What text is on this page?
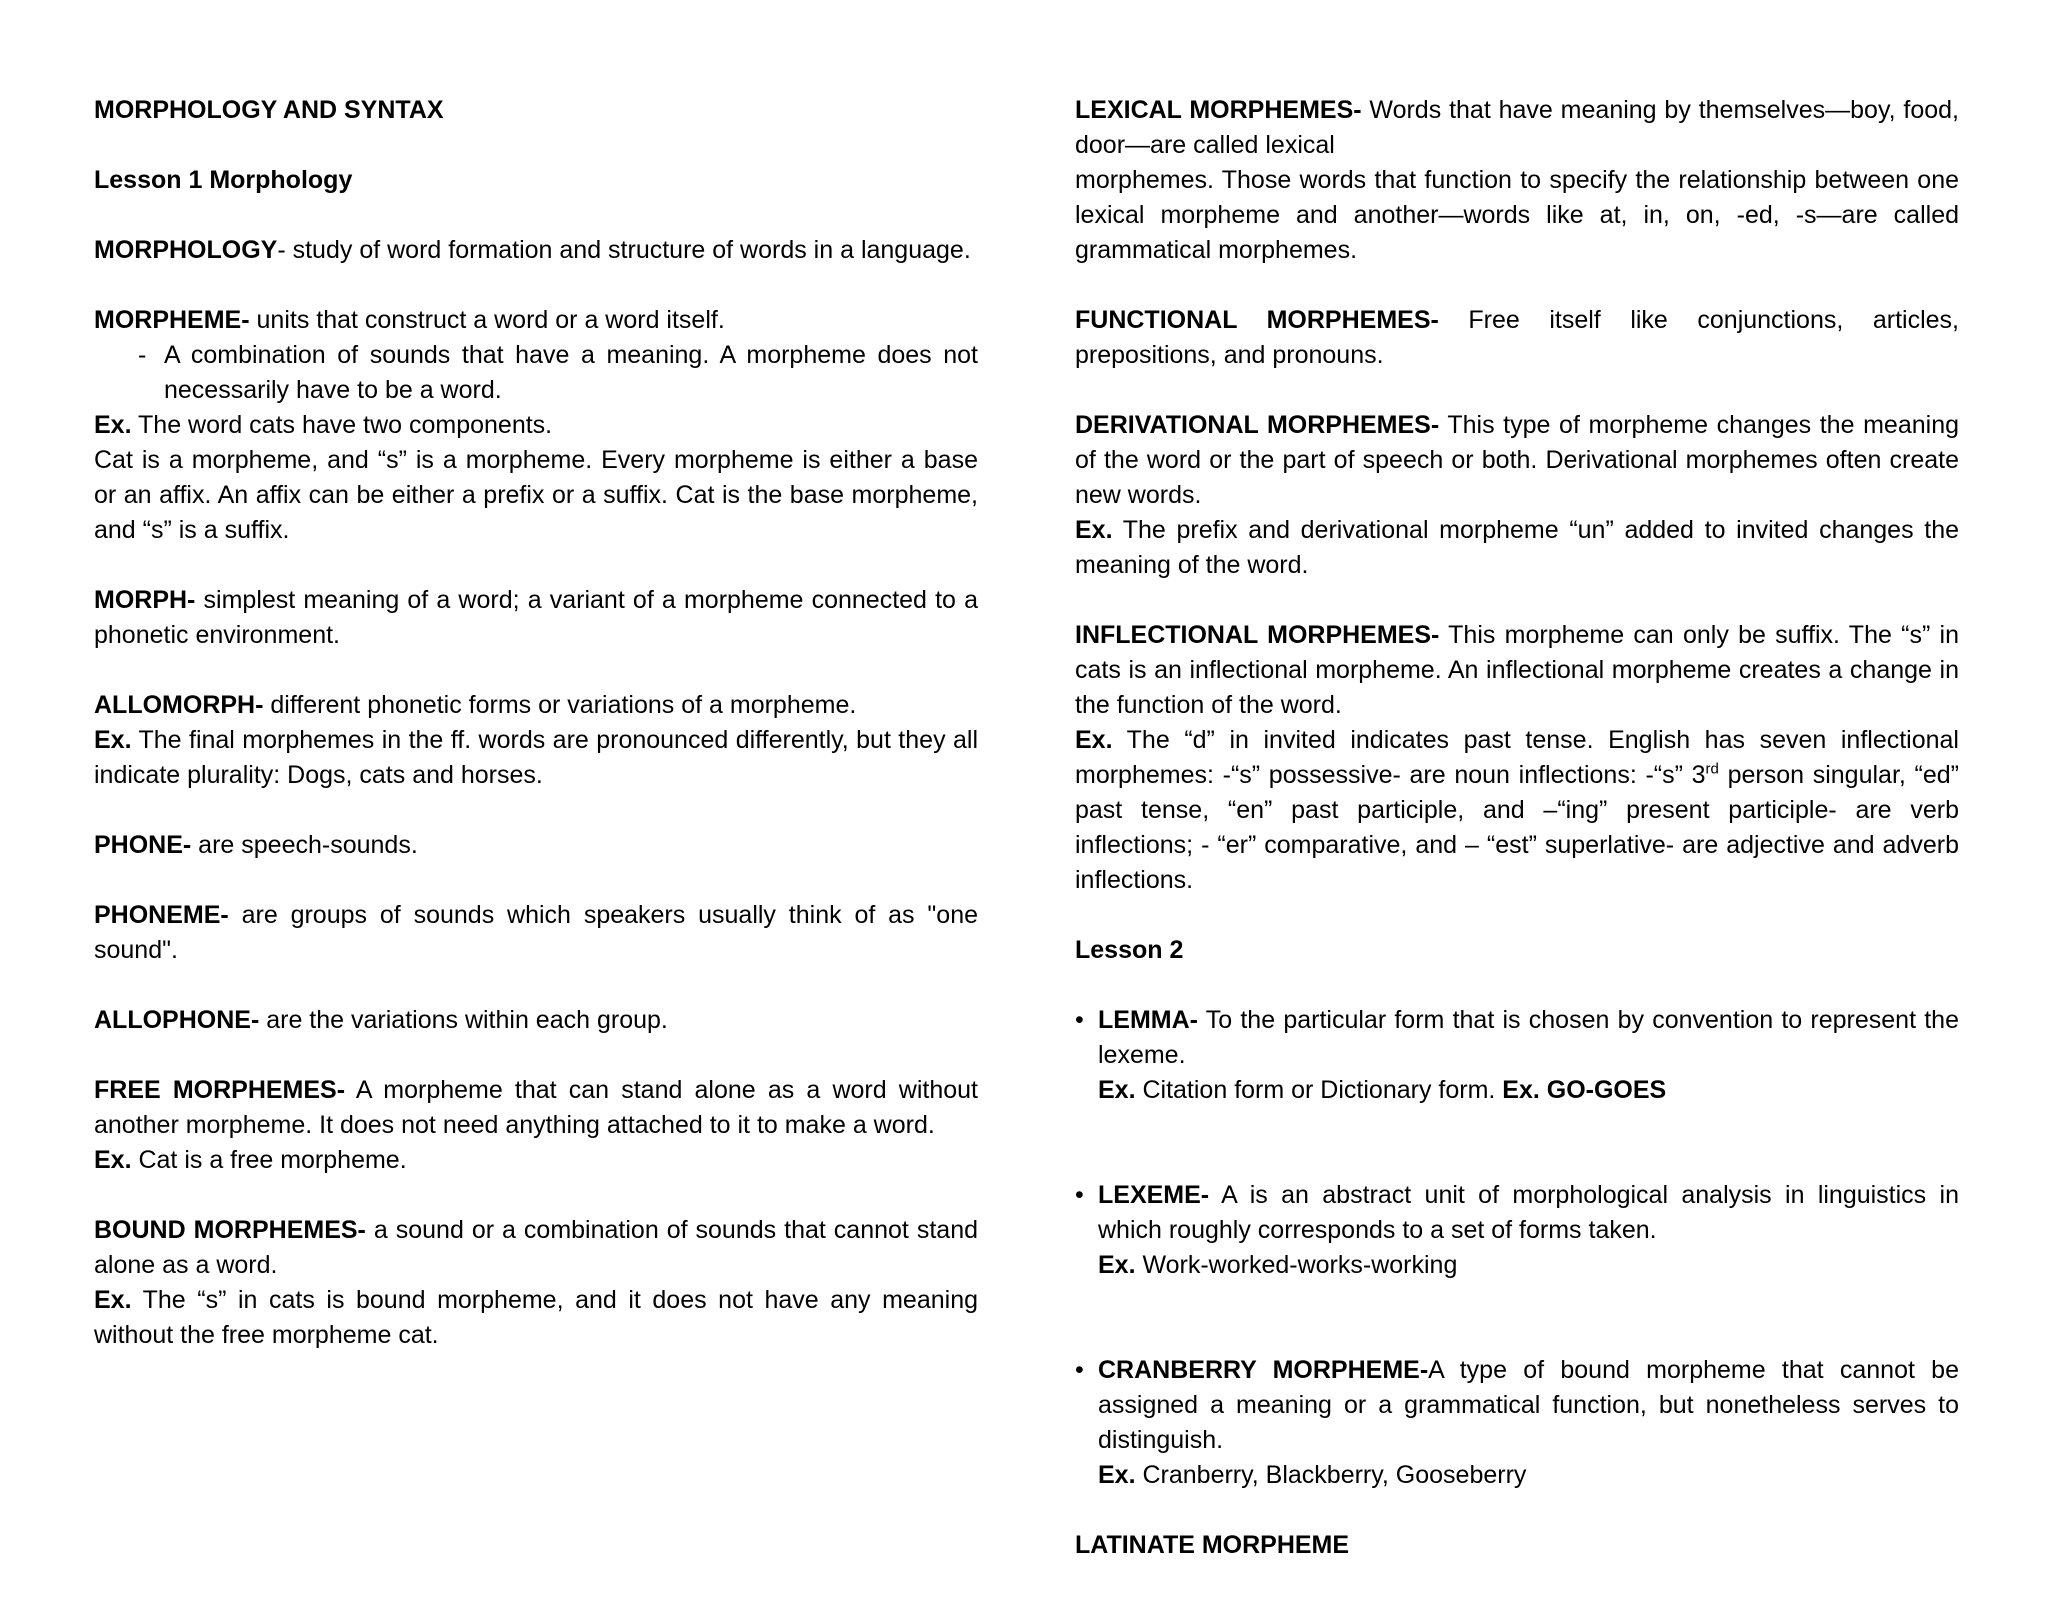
MORPHOLOGY AND SYNTAX

Lesson 1 Morphology

MORPHOLOGY- study of word formation and structure of words in a language.

MORPHEME- units that construct a word or a word itself.
- A combination of sounds that have a meaning. A morpheme does not necessarily have to be a word.
Ex. The word cats have two components.

Cat is a morpheme, and “s” is a morpheme. Every morpheme is either a base or an affix. An affix can be either a prefix or a suffix. Cat is the base morpheme, and “s” is a suffix.

MORPH- simplest meaning of a word; a variant of a morpheme connected to a phonetic environment.

ALLOMORPH- different phonetic forms or variations of a morpheme.

Ex. The final morphemes in the ff. words are pronounced differently, but they all indicate plurality: Dogs, cats and horses.

PHONE- are speech-sounds.

PHONEME- are groups of sounds which speakers usually think of as "one sound".

ALLOPHONE- are the variations within each group.

FREE MORPHEMES- A morpheme that can stand alone as a word without another morpheme. It does not need anything attached to it to make a word.

Ex. Cat is a free morpheme.

BOUND MORPHEMES- a sound or a combination of sounds that cannot stand alone as a word.

Ex. The “s” in cats is bound morpheme, and it does not have any meaning without the free morpheme cat.

LEXICAL MORPHEMES- Words that have meaning by themselves—boy, food, door—are called lexical

morphemes. Those words that function to specify the relationship between one lexical morpheme and another—words like at, in, on, -ed, -s—are called grammatical morphemes.

FUNCTIONAL MORPHEMES- Free itself like conjunctions, articles, prepositions, and pronouns.

DERIVATIONAL MORPHEMES- This type of morpheme changes the meaning of the word or the part of speech or both. Derivational morphemes often create new words.

Ex. The prefix and derivational morpheme “un” added to invited changes the meaning of the word.

INFLECTIONAL MORPHEMES- This morpheme can only be suffix. The “s” in cats is an inflectional morpheme. An inflectional morpheme creates a change in the function of the word.

Ex. The “d” in invited indicates past tense. English has seven inflectional morphemes: -“s” possessive- are noun inflections: -“s” 3rd person singular, “ed” past tense, “en” past participle, and –“ing” present participle- are verb inflections; - “er” comparative, and – “est” superlative- are adjective and adverb inflections.

Lesson 2

• LEMMA- To the particular form that is chosen by convention to represent the lexeme.
Ex. Citation form or Dictionary form. Ex. GO-GOES
• LEXEME- A is an abstract unit of morphological analysis in linguistics in which roughly corresponds to a set of forms taken.
Ex. Work-worked-works-working
• CRANBERRY MORPHEME-A type of bound morpheme that cannot be assigned a meaning or a grammatical function, but nonetheless serves to distinguish.
Ex. Cranberry, Blackberry, Gooseberry

LATINATE MORPHEME
